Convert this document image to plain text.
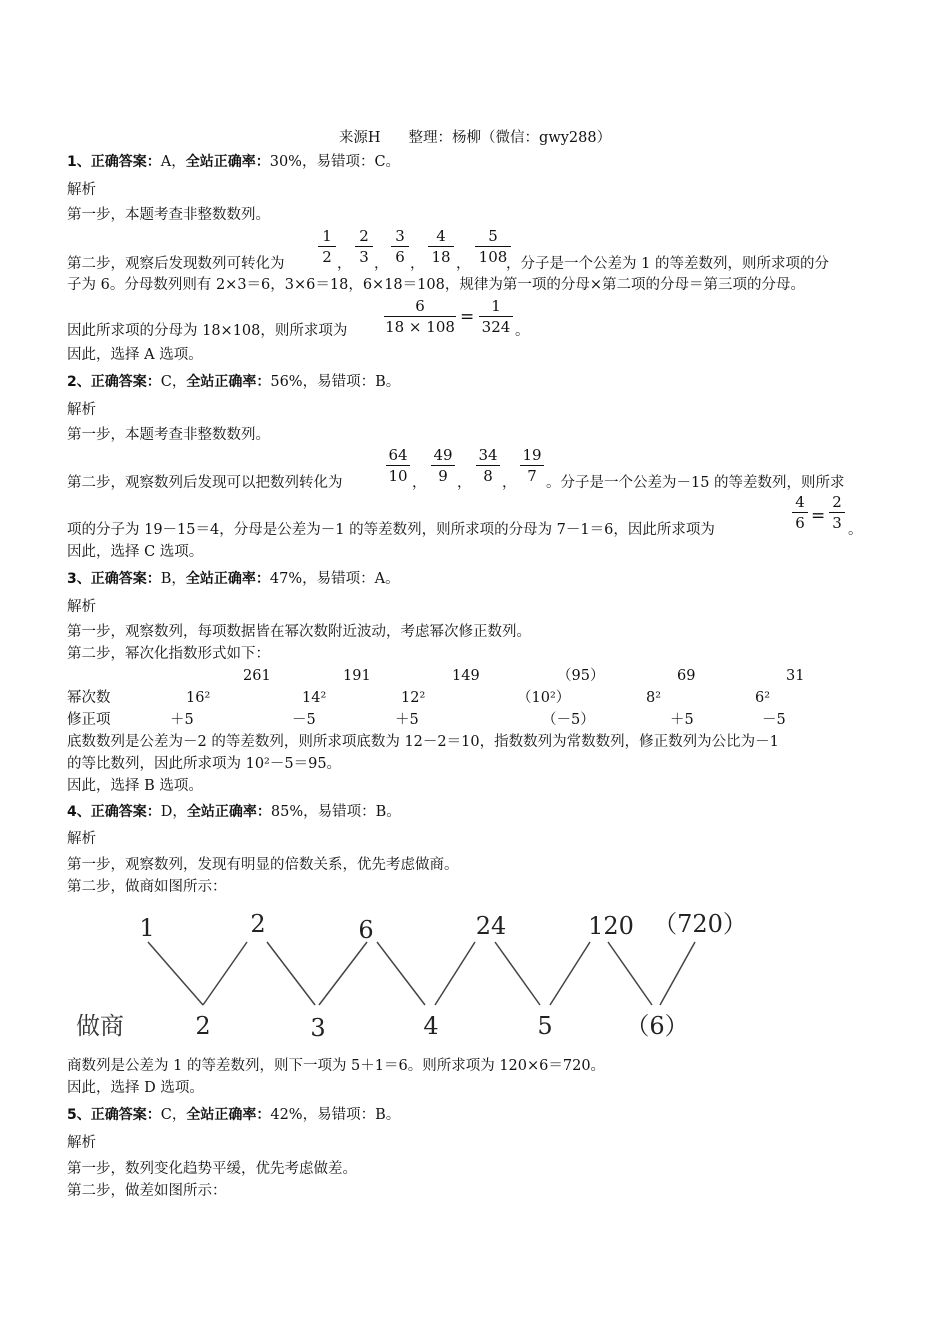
来源H 整理：杨柳（微信：gwy288）
1、正确答案：A，全站正确率：30%，易错项：C。
解析
第一步，本题考查非整数数列。
第二步，观察后发现数列可转化为 $\frac{1}{2}$ ， $\frac{2}{3}$ ， $\frac{3}{6}$ ， $\frac{4}{18}$ ， $\frac{5}{108}$
，分子是一个公差为 1 的等差数列，则所求项的分
子为 6。分母数列则有 2×3＝6，3×6＝18，6×18＝108，规律为第一项的分母×第二项的分母＝第三项的分母。
因此所求项的分母为 18×108，则所求项为 $\frac{6}{18 \times 108} = \frac{1}{324}$ 。
因此，选择 A 选项。
2、正确答案：C，全站正确率：56%，易错项：B。
解析
第一步，本题考查非整数数列。
第二步，观察数列后发现可以把数列转化为	$\frac{64}{10}$ ， $\frac{49}{9}$ ， $\frac{34}{8}$ ， $\frac{19}{7}$ 。分子是一个公差为－15 的等差数列，则所求
项的分子为 19－15＝4，分母是公差为－1 的等差数列，则所求项的分母为 7－1＝6，因此所求项为	$\frac{4}{6} = \frac{2}{3}$ 。
因此，选择 C 选项。
3、正确答案：B，全站正确率：47%，易错项：A。
解析
第一步，观察数列，每项数据皆在幂次数附近波动，考虑幂次修正数列。
第二步，幂次化指数形式如下：
261	191	149	（95）	69	31
幂次数	16²	14²	12²	（10²）	8²	6²
修正项	＋5	－5	＋5	（－5）	＋5	－5
底数数列是公差为－2 的等差数列，则所求项底数为 12－2＝10，指数数列为常数数列，修正数列为公比为－1
的等比数列，因此所求项为 10²－5＝95。
因此，选择 B 选项。
4、正确答案：D，全站正确率：85%，易错项：B。
解析
第一步，观察数列，发现有明显的倍数关系，优先考虑做商。
第二步，做商如图所示：
1	2	6	24	120 （720）
2	3	4	5	（6）
做商
商数列是公差为 1 的等差数列，则下一项为 5＋1＝6。则所求项为 120×6＝720。
因此，选择 D 选项。
5、正确答案：C，全站正确率：42%，易错项：B。
解析
第一步，数列变化趋势平缓，优先考虑做差。
第二步，做差如图所示：
